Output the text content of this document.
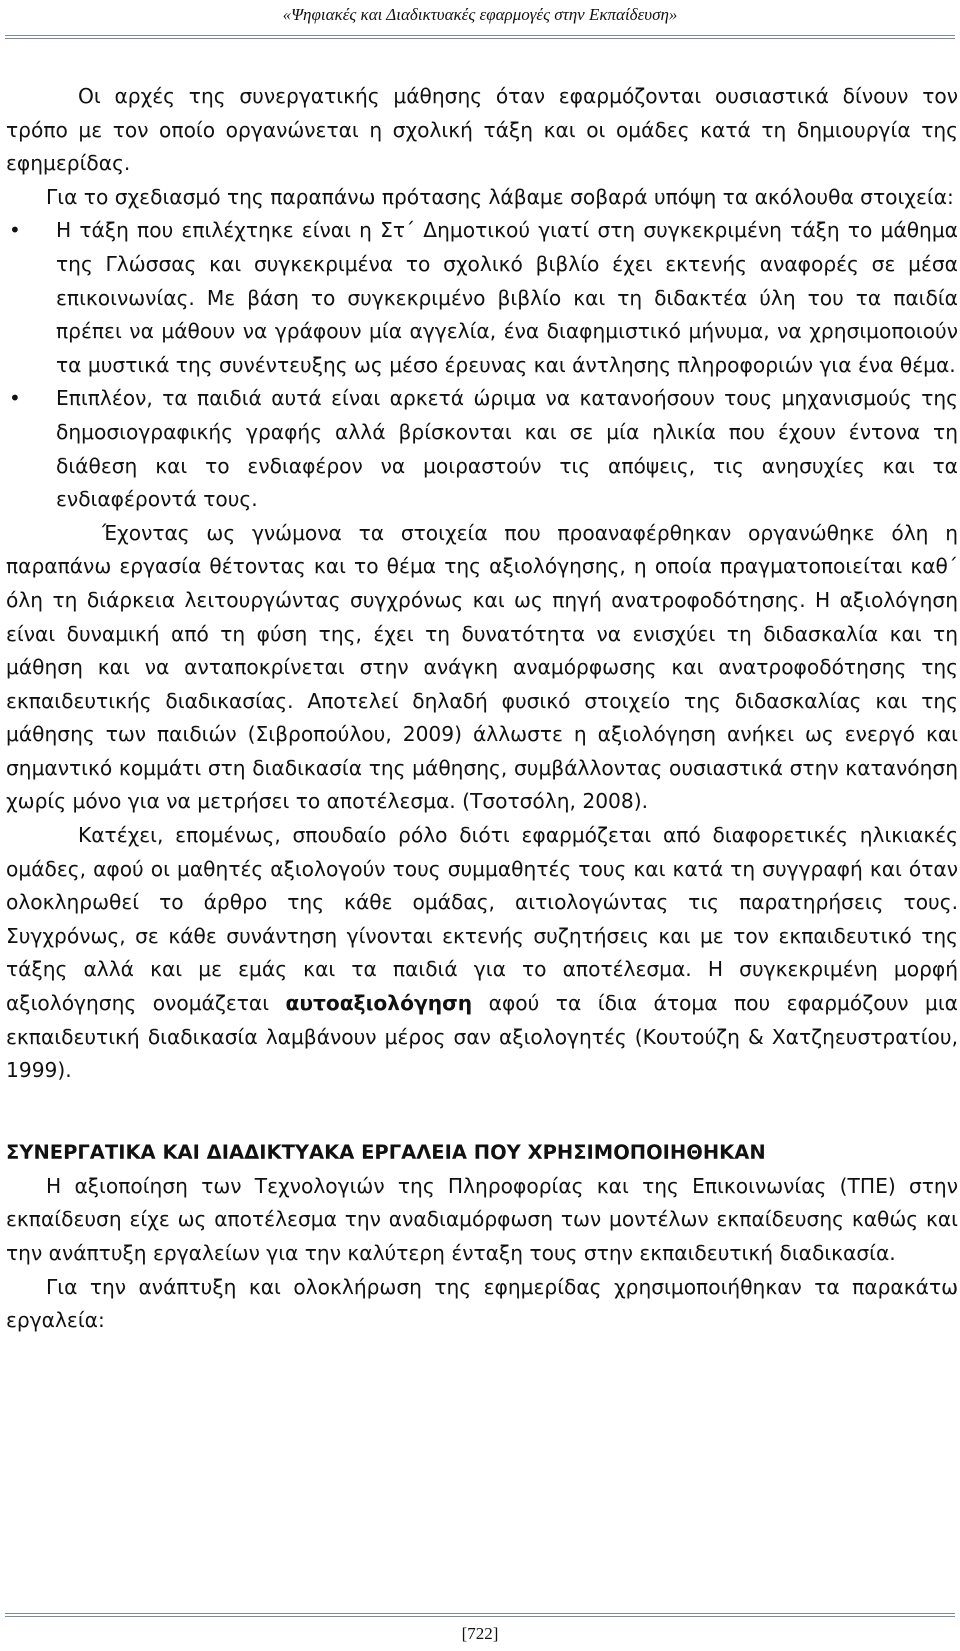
«Ψηφιακές και Διαδικτυακές εφαρμογές στην Εκπαίδευση»

Οι αρχές της συνεργατικής μάθησης όταν εφαρμόζονται ουσιαστικά δίνουν τον τρόπο με τον οποίο οργανώνεται η σχολική τάξη και οι ομάδες κατά τη δημιουργία της εφημερίδας.

Για το σχεδιασμό της παραπάνω πρότασης λάβαμε σοβαρά υπόψη τα ακόλουθα στοιχεία:

• Η τάξη που επιλέχτηκε είναι η Στ΄ Δημοτικού γιατί στη συγκεκριμένη τάξη το μάθημα της Γλώσσας και συγκεκριμένα το σχολικό βιβλίο έχει εκτενής αναφορές σε μέσα επικοινωνίας. Με βάση το συγκεκριμένο βιβλίο και τη διδακτέα ύλη του τα παιδία πρέπει να μάθουν να γράφουν μία αγγελία, ένα διαφημιστικό μήνυμα, να χρησιμοποιούν τα μυστικά της συνέντευξης ως μέσο έρευνας και άντλησης πληροφοριών για ένα θέμα.
• Επιπλέον, τα παιδιά αυτά είναι αρκετά ώριμα να κατανοήσουν τους μηχανισμούς της δημοσιογραφικής γραφής αλλά βρίσκονται και σε μία ηλικία που έχουν έντονα τη διάθεση και το ενδιαφέρον να μοιραστούν τις απόψεις, τις ανησυχίες και τα ενδιαφέροντά τους.

Έχοντας ως γνώμονα τα στοιχεία που προαναφέρθηκαν οργανώθηκε όλη η παραπάνω εργασία θέτοντας και το θέμα της αξιολόγησης, η οποία πραγματοποιείται καθ΄ όλη τη διάρκεια λειτουργώντας συγχρόνως και ως πηγή ανατροφοδότησης. Η αξιολόγηση είναι δυναμική από τη φύση της, έχει τη δυνατότητα να ενισχύει τη διδασκαλία και τη μάθηση και να ανταποκρίνεται στην ανάγκη αναμόρφωσης και ανατροφοδότησης της εκπαιδευτικής διαδικασίας. Αποτελεί δηλαδή φυσικό στοιχείο της διδασκαλίας και της μάθησης των παιδιών (Σιβροπούλου, 2009) άλλωστε η αξιολόγηση ανήκει ως ενεργό και σημαντικό κομμάτι στη διαδικασία της μάθησης, συμβάλλοντας ουσιαστικά στην κατανόηση χωρίς μόνο για να μετρήσει το αποτέλεσμα. (Τσοτσόλη, 2008).

Κατέχει, επομένως, σπουδαίο ρόλο διότι εφαρμόζεται από διαφορετικές ηλικιακές ομάδες, αφού οι μαθητές αξιολογούν τους συμμαθητές τους και κατά τη συγγραφή και όταν ολοκληρωθεί το άρθρο της κάθε ομάδας, αιτιολογώντας τις παρατηρήσεις τους. Συγχρόνως, σε κάθε συνάντηση γίνονται εκτενής συζητήσεις και με τον εκπαιδευτικό της τάξης αλλά και με εμάς και τα παιδιά για το αποτέλεσμα. Η συγκεκριμένη μορφή αξιολόγησης ονομάζεται αυτοαξιολόγηση αφού τα ίδια άτομα που εφαρμόζουν μια εκπαιδευτική διαδικασία λαμβάνουν μέρος σαν αξιολογητές (Κουτούζη & Χατζηευστρατίου, 1999).

ΣΥΝΕΡΓΑΤΙΚΑ ΚΑΙ ΔΙΑΔΙΚΤΥΑΚΑ ΕΡΓΑΛΕΙΑ ΠΟΥ ΧΡΗΣΙΜΟΠΟΙΗΘΗΚΑΝ

Η αξιοποίηση των Τεχνολογιών της Πληροφορίας και της Επικοινωνίας (ΤΠΕ) στην εκπαίδευση είχε ως αποτέλεσμα την αναδιαμόρφωση των μοντέλων εκπαίδευσης καθώς και την ανάπτυξη εργαλείων για την καλύτερη ένταξη τους στην εκπαιδευτική διαδικασία.

Για την ανάπτυξη και ολοκλήρωση της εφημερίδας χρησιμοποιήθηκαν τα παρακάτω εργαλεία:

[722]
